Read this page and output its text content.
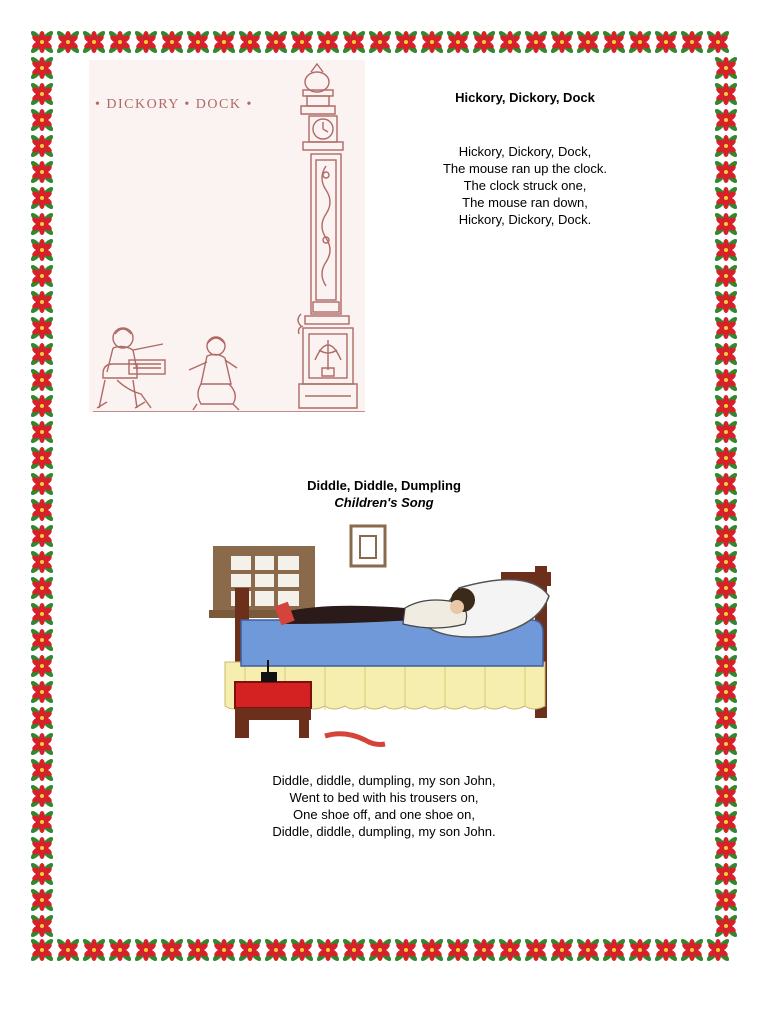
• DICKORY • DOCK •	Hickory, Dickory, Dock
Hickory, Dickory, Dock,
The mouse ran up the clock.
The clock struck one,
The mouse ran down,
Hickory, Dickory, Dock.
Diddle, Diddle, Dumpling
Children's Song
Diddle, diddle, dumpling, my son John,
Went to bed with his trousers on,
One shoe off, and one shoe on,
Diddle, diddle, dumpling, my son John.
